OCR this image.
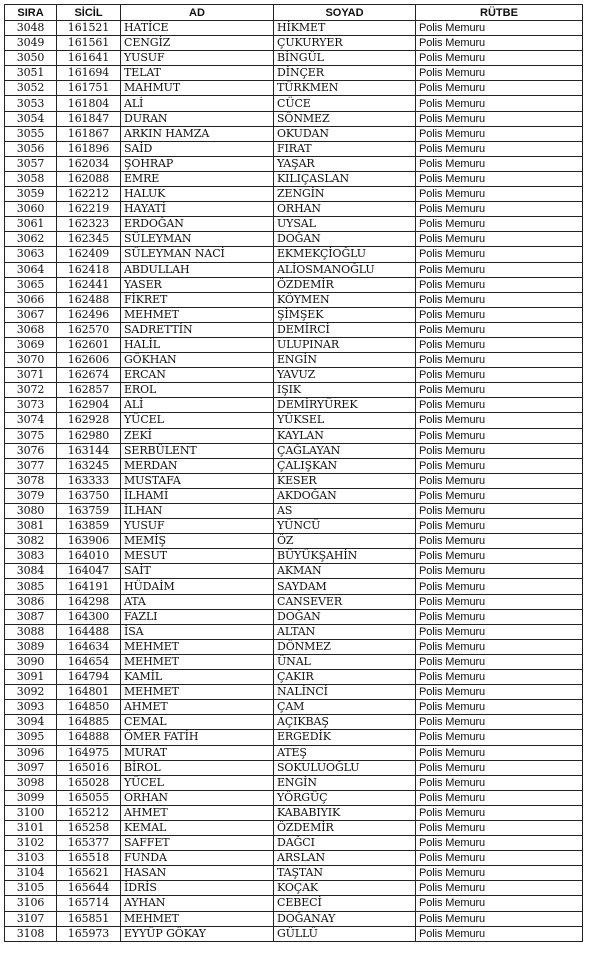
SIRA	SİCİL	AD	SOYAD	RÜTBE
3048	161521	HATİCE	HİKMET	Polis Memuru
3049	161561	CENGİZ	ÇUKURYER	Polis Memuru
3050	161641	YUSUF	BİNGÜL	Polis Memuru
3051	161694	TELAT	DİNÇER	Polis Memuru
3052	161751	MAHMUT	TÜRKMEN	Polis Memuru
3053	161804	ALİ	CÜCE	Polis Memuru
3054	161847	DURAN	SÖNMEZ	Polis Memuru
3055	161867	ARKIN HAMZA	OKUDAN	Polis Memuru
3056	161896	SAİD	FIRAT	Polis Memuru
3057	162034	ŞOHRAP	YAŞAR	Polis Memuru
3058	162088	EMRE	KILIÇASLAN	Polis Memuru
3059	162212	HALUK	ZENGİN	Polis Memuru
3060	162219	HAYATİ	ORHAN	Polis Memuru
3061	162323	ERDOĞAN	UYSAL	Polis Memuru
3062	162345	SÜLEYMAN	DOĞAN	Polis Memuru
3063	162409	SÜLEYMAN NACİ	EKMEKÇİOĞLU	Polis Memuru
3064	162418	ABDULLAH	ALİOSMANOĞLU	Polis Memuru
3065	162441	YASER	ÖZDEMİR	Polis Memuru
3066	162488	FİKRET	KÖYMEN	Polis Memuru
3067	162496	MEHMET	ŞİMŞEK	Polis Memuru
3068	162570	SADRETTİN	DEMİRCİ	Polis Memuru
3069	162601	HALİL	ULUPINAR	Polis Memuru
3070	162606	GÖKHAN	ENGİN	Polis Memuru
3071	162674	ERCAN	YAVUZ	Polis Memuru
3072	162857	EROL	IŞIK	Polis Memuru
3073	162904	ALİ	DEMİRYÜREK	Polis Memuru
3074	162928	YÜCEL	YÜKSEL	Polis Memuru
3075	162980	ZEKİ	KAYLAN	Polis Memuru
3076	163144	SERBÜLENT	ÇAĞLAYAN	Polis Memuru
3077	163245	MERDAN	ÇALIŞKAN	Polis Memuru
3078	163333	MUSTAFA	KESER	Polis Memuru
3079	163750	İLHAMİ	AKDOĞAN	Polis Memuru
3080	163759	İLHAN	AS	Polis Memuru
3081	163859	YUSUF	YÜNCÜ	Polis Memuru
3082	163906	MEMİŞ	ÖZ	Polis Memuru
3083	164010	MESUT	BÜYÜKŞAHİN	Polis Memuru
3084	164047	SAİT	AKMAN	Polis Memuru
3085	164191	HÜDAİM	SAYDAM	Polis Memuru
3086	164298	ATA	CANSEVER	Polis Memuru
3087	164300	FAZLI	DOĞAN	Polis Memuru
3088	164488	İSA	ALTAN	Polis Memuru
3089	164634	MEHMET	DÖNMEZ	Polis Memuru
3090	164654	MEHMET	ÜNAL	Polis Memuru
3091	164794	KAMİL	ÇAKIR	Polis Memuru
3092	164801	MEHMET	NALİNCİ	Polis Memuru
3093	164850	AHMET	ÇAM	Polis Memuru
3094	164885	CEMAL	AÇIKBAŞ	Polis Memuru
3095	164888	ÖMER FATİH	ERGEDİK	Polis Memuru
3096	164975	MURAT	ATEŞ	Polis Memuru
3097	165016	BİROL	SOKULUOĞLU	Polis Memuru
3098	165028	YÜCEL	ENGİN	Polis Memuru
3099	165055	ORHAN	YÖRGÜÇ	Polis Memuru
3100	165212	AHMET	KABABIYIK	Polis Memuru
3101	165258	KEMAL	ÖZDEMİR	Polis Memuru
3102	165377	SAFFET	DAĞCI	Polis Memuru
3103	165518	FUNDA	ARSLAN	Polis Memuru
3104	165621	HASAN	TAŞTAN	Polis Memuru
3105	165644	İDRİS	KOÇAK	Polis Memuru
3106	165714	AYHAN	CEBECİ	Polis Memuru
3107	165851	MEHMET	DOĞANAY	Polis Memuru
3108	165973	EYYÜP GÖKAY	GÜLLÜ	Polis Memuru
